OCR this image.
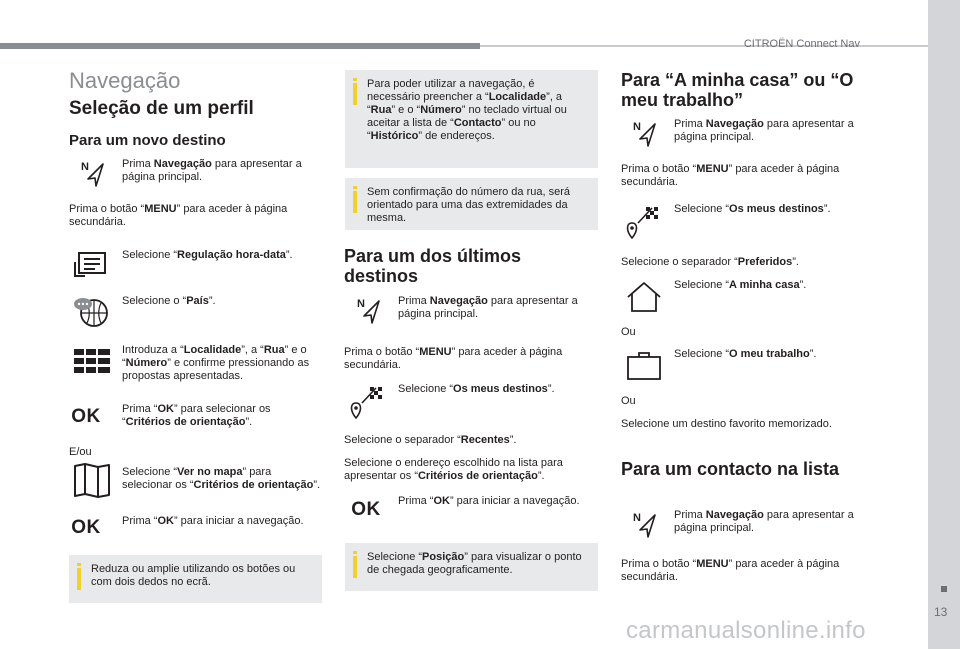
CITROËN Connect Nav
13
carmanualsonline.info
Navegação
Seleção de um perfil
Para um novo destino
N	Prima Navegação para apresentar a página principal.

Prima o botão “MENU” para aceder à página secundária.

Selecione “Regulação hora-data”.

Selecione o “País”.

Introduza a “Localidade”, a “Rua” e o “Número” e confirme pressionando as propostas apresentadas.

OK	Prima “OK” para selecionar os “Critérios de orientação”.

E/ou

Selecione “Ver no mapa” para selecionar os “Critérios de orientação”.

OK	Prima “OK” para iniciar a navegação.

Reduza ou amplie utilizando os botões ou com dois dedos no ecrã.
Para poder utilizar a navegação, é necessário preencher a “Localidade”, a “Rua” e o “Número” no teclado virtual ou aceitar a lista de “Contacto” ou no “Histórico” de endereços.
Sem confirmação do número da rua, será orientado para uma das extremidades da mesma.
Para um dos últimos destinos
N	Prima Navegação para apresentar a página principal.

Prima o botão “MENU” para aceder à página secundária.

Selecione “Os meus destinos”.

Selecione o separador “Recentes”.

Selecione o endereço escolhido na lista para apresentar os “Critérios de orientação”.

OK	Prima “OK” para iniciar a navegação.

Selecione “Posição” para visualizar o ponto de chegada geograficamente.
Para “A minha casa” ou “O meu trabalho”
N	Prima Navegação para apresentar a página principal.

Prima o botão “MENU” para aceder à página secundária.

Selecione “Os meus destinos”.

Selecione o separador “Preferidos”.

Selecione “A minha casa”.

Ou

Selecione “O meu trabalho”.

Ou

Selecione um destino favorito memorizado.

Para um contacto na lista
N	Prima Navegação para apresentar a página principal.

Prima o botão “MENU” para aceder à página secundária.
